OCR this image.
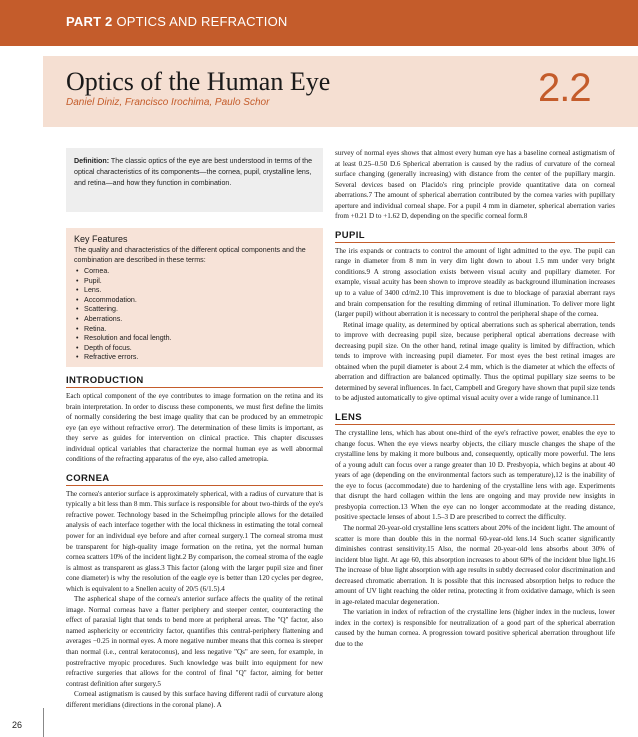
PART 2 OPTICS AND REFRACTION
Optics of the Human Eye
Daniel Diniz, Francisco Irochima, Paulo Schor	2.2
Definition: The classic optics of the eye are best understood in terms of the optical characteristics of its components—the cornea, pupil, crystalline lens, and retina—and how they function in combination.
Key Features
The quality and characteristics of the different optical components and the combination are described in these terms:
• Cornea.
• Pupil.
• Lens.
• Accommodation.
• Scattering.
• Aberrations.
• Retina.
• Resolution and focal length.
• Depth of focus.
• Refractive errors.
INTRODUCTION

Each optical component of the eye contributes to image formation on the retina and its brain interpretation. In order to discuss these components, we must first define the limits of normally considering the best image quality that can be produced by an emmetropic eye (an eye without refractive error). The determination of these limits is important, as they serve as guides for intervention on clinical practice. This chapter discusses individual optical variables that characterize the normal human eye as well abnormal conditions of the refracting apparatus of the eye, also called ametropia.

CORNEA

The cornea's anterior surface is approximately spherical, with a radius of curvature that is typically a bit less than 8 mm. This surface is responsible for about two-thirds of the eye's refractive power. Technology based in the Scheimpflug principle allows for the detailed analysis of each interface together with the local thickness in estimating the total corneal power for an individual eye before and after corneal surgery.1 The corneal stroma must be transparent for high-quality image formation on the retina, yet the normal human cornea scatters 10% of the incident light.2 By comparison, the corneal stroma of the eagle is almost as transparent as glass.3 This factor (along with the larger pupil size and finer cone diameter) is why the resolution of the eagle eye is better than 120 cycles per degree, which is equivalent to a Snellen acuity of 20/5 (6/1.5).4

The aspherical shape of the cornea's anterior surface affects the quality of the retinal image. Normal corneas have a flatter periphery and steeper center, counteracting the effect of paraxial light that tends to bend more at peripheral areas. The "Q" factor, also named asphericity or eccentricity factor, quantifies this central-periphery flattening and averages −0.25 in normal eyes. A more negative number means that this cornea is steeper than normal (i.e., central keratoconus), and less negative "Qs" are seen, for example, in postrefractive myopic procedures. Such knowledge was built into equipment for new refractive surgeries that allows for the control of final "Q" factor, aiming for better contrast definition after surgery.5

Corneal astigmatism is caused by this surface having different radii of curvature along different meridians (directions in the coronal plane). A

survey of normal eyes shows that almost every human eye has a baseline corneal astigmatism of at least 0.25–0.50 D.6 Spherical aberration is caused by the radius of curvature of the corneal surface changing (generally increasing) with distance from the center of the pupillary margin. Several devices based on Placido's ring principle provide quantitative data on corneal aberrations.7 The amount of spherical aberration contributed by the cornea varies with pupillary aperture and individual corneal shape. For a pupil 4 mm in diameter, spherical aberration varies from +0.21 D to +1.62 D, depending on the specific corneal form.8

PUPIL

The iris expands or contracts to control the amount of light admitted to the eye. The pupil can range in diameter from 8 mm in very dim light down to about 1.5 mm under very bright conditions.9 A strong association exists between visual acuity and pupillary diameter. For example, visual acuity has been shown to improve steadily as background illumination increases up to a value of 3400 cd/m2.10 This improvement is due to blockage of paraxial aberrant rays and brain compensation for the resulting dimming of retinal illumination. To deliver more light (larger pupil) without aberration it is necessary to control the peripheral shape of the cornea.

Retinal image quality, as determined by optical aberrations such as spherical aberration, tends to improve with decreasing pupil size, because peripheral optical aberrations decrease with decreasing pupil size. On the other hand, retinal image quality is limited by diffraction, which tends to improve with increasing pupil diameter. For most eyes the best retinal images are obtained when the pupil diameter is about 2.4 mm, which is the diameter at which the effects of aberration and diffraction are balanced optimally. Thus the optimal pupillary size seems to be determined by several influences. In fact, Campbell and Gregory have shown that pupil size tends to be adjusted automatically to give optimal visual acuity over a wide range of luminance.11

LENS

The crystalline lens, which has about one-third of the eye's refractive power, enables the eye to change focus. When the eye views nearby objects, the ciliary muscle changes the shape of the crystalline lens by making it more bulbous and, consequently, optically more powerful. The lens of a young adult can focus over a range greater than 10 D. Presbyopia, which begins at about 40 years of age (depending on the environmental factors such as temperature),12 is the inability of the eye to focus (accommodate) due to hardening of the crystalline lens with age. Experiments that disrupt the hard collagen within the lens are ongoing and may provide new insights in presbyopia correction.13 When the eye can no longer accommodate at the reading distance, positive spectacle lenses of about 1.5–3 D are prescribed to correct the difficulty.

The normal 20-year-old crystalline lens scatters about 20% of the incident light. The amount of scatter is more than double this in the normal 60-year-old lens.14 Such scatter significantly diminishes contrast sensitivity.15 Also, the normal 20-year-old lens absorbs about 30% of incident blue light. At age 60, this absorption increases to about 60% of the incident blue light.16 The increase of blue light absorption with age results in subtly decreased color discrimination and decreased chromatic aberration. It is possible that this increased absorption helps to reduce the amount of UV light reaching the older retina, protecting it from oxidative damage, which is seen in age-related macular degeneration.

The variation in index of refraction of the crystalline lens (higher index in the nucleus, lower index in the cortex) is responsible for neutralization of a good part of the spherical aberration caused by the human cornea. A progression toward positive spherical aberration throughout life due to the

26
